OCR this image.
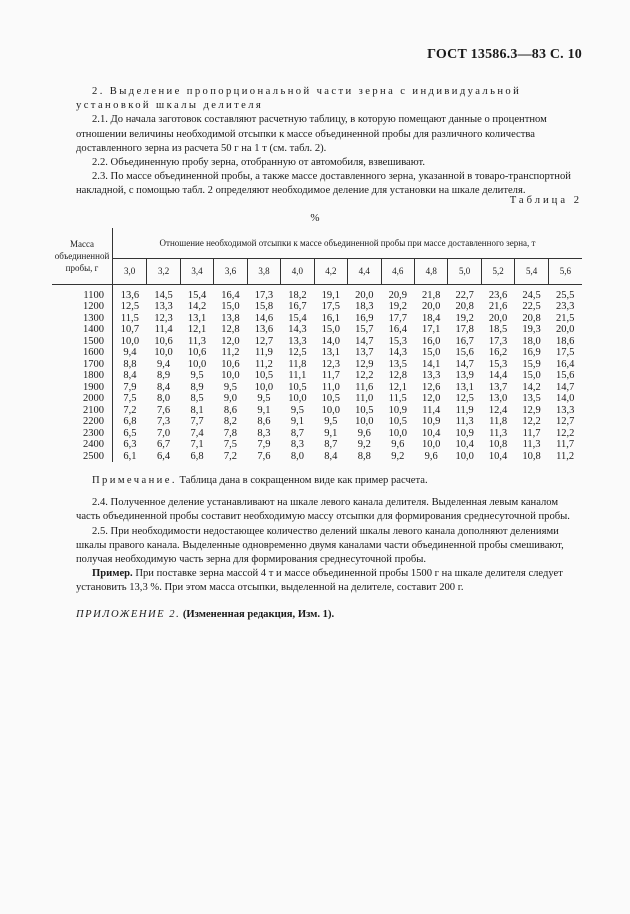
ГОСТ 13586.3—83 С. 10

2. Выделение пропорциональной части зерна с индивидуальной установкой шкалы делителя

2.1. До начала заготовок составляют расчетную таблицу, в которую помещают данные о процентном отношении величины необходимой отсыпки к массе объединенной пробы для различного количества доставленного зерна из расчета 50 г на 1 т (см. табл. 2).

2.2. Объединенную пробу зерна, отобранную от автомобиля, взвешивают.

2.3. По массе объединенной пробы, а также массе доставленного зерна, указанной в товаро-транспортной накладной, с помощью табл. 2 определяют необходимое деление для установки на шкале делителя.

Таблица 2
%
Масса объединенной пробы, г	Отношение необходимой отсыпки к массе объединенной пробы при массе доставленного зерна, т													
	3,0	3,2	3,4	3,6	3,8	4,0	4,2	4,4	4,6	4,8	5,0	5,2	5,4	5,6
1100	13,6	14,5	15,4	16,4	17,3	18,2	19,1	20,0	20,9	21,8	22,7	23,6	24,5	25,5
1200	12,5	13,3	14,2	15,0	15,8	16,7	17,5	18,3	19,2	20,0	20,8	21,6	22,5	23,3
1300	11,5	12,3	13,1	13,8	14,6	15,4	16,1	16,9	17,7	18,4	19,2	20,0	20,8	21,5
1400	10,7	11,4	12,1	12,8	13,6	14,3	15,0	15,7	16,4	17,1	17,8	18,5	19,3	20,0
1500	10,0	10,6	11,3	12,0	12,7	13,3	14,0	14,7	15,3	16,0	16,7	17,3	18,0	18,6
1600	9,4	10,0	10,6	11,2	11,9	12,5	13,1	13,7	14,3	15,0	15,6	16,2	16,9	17,5
1700	8,8	9,4	10,0	10,6	11,2	11,8	12,3	12,9	13,5	14,1	14,7	15,3	15,9	16,4
1800	8,4	8,9	9,5	10,0	10,5	11,1	11,7	12,2	12,8	13,3	13,9	14,4	15,0	15,6
1900	7,9	8,4	8,9	9,5	10,0	10,5	11,0	11,6	12,1	12,6	13,1	13,7	14,2	14,7
2000	7,5	8,0	8,5	9,0	9,5	10,0	10,5	11,0	11,5	12,0	12,5	13,0	13,5	14,0
2100	7,2	7,6	8,1	8,6	9,1	9,5	10,0	10,5	10,9	11,4	11,9	12,4	12,9	13,3
2200	6,8	7,3	7,7	8,2	8,6	9,1	9,5	10,0	10,5	10,9	11,3	11,8	12,2	12,7
2300	6,5	7,0	7,4	7,8	8,3	8,7	9,1	9,6	10,0	10,4	10,9	11,3	11,7	12,2
2400	6,3	6,7	7,1	7,5	7,9	8,3	8,7	9,2	9,6	10,0	10,4	10,8	11,3	11,7
2500	6,1	6,4	6,8	7,2	7,6	8,0	8,4	8,8	9,2	9,6	10,0	10,4	10,8	11,2

Примечание. Таблица дана в сокращенном виде как пример расчета.

2.4. Полученное деление устанавливают на шкале левого канала делителя. Выделенная левым каналом часть объединенной пробы составит необходимую массу отсыпки для формирования среднесуточной пробы.

2.5. При необходимости недостающее количество делений шкалы левого канала дополняют делениями шкалы правого канала. Выделенные одновременно двумя каналами части объединенной пробы смешивают, получая необходимую часть зерна для формирования среднесуточной пробы.

Пример. При поставке зерна массой 4 т и массе объединенной пробы 1500 г на шкале делителя следует установить 13,3 %. При этом масса отсыпки, выделенной на делителе, составит 200 г.

ПРИЛОЖЕНИЕ 2. (Измененная редакция, Изм. 1).
